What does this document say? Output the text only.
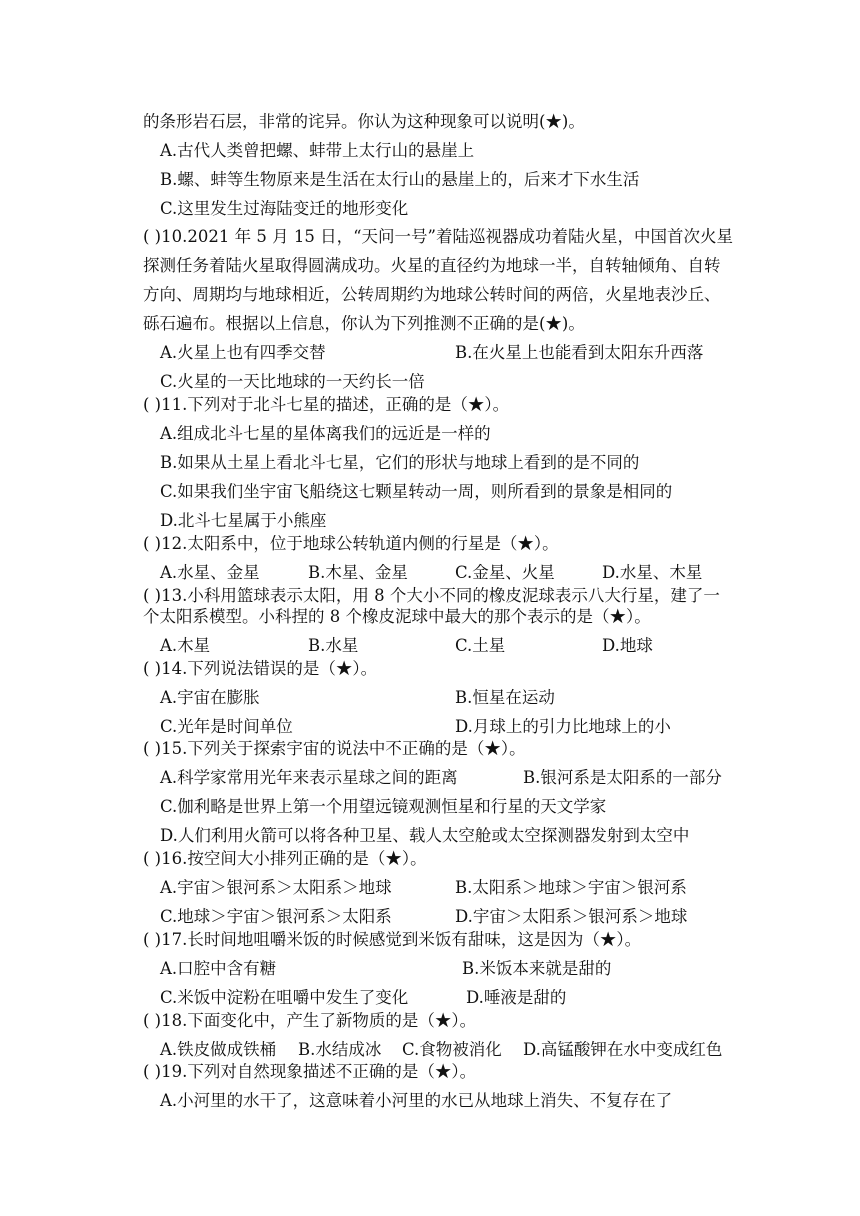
的条形岩石层，非常的诧异。你认为这种现象可以说明(★)。
A.古代人类曾把螺、蚌带上太行山的悬崖上
B.螺、蚌等生物原来是生活在太行山的悬崖上的，后来才下水生活
C.这里发生过海陆变迁的地形变化
( )10.2021 年 5 月 15 日，“天问一号”着陆巡视器成功着陆火星，中国首次火星
探测任务着陆火星取得圆满成功。火星的直径约为地球一半，自转轴倾角、自转
方向、周期均与地球相近，公转周期约为地球公转时间的两倍，火星地表沙丘、
砾石遍布。根据以上信息，你认为下列推测不正确的是(★)。
A.火星上也有四季交替	B.在火星上也能看到太阳东升西落
C.火星的一天比地球的一天约长一倍
( )11.下列对于北斗七星的描述，正确的是（★）。
A.组成北斗七星的星体离我们的远近是一样的
B.如果从土星上看北斗七星，它们的形状与地球上看到的是不同的
C.如果我们坐宇宙飞船绕这七颗星转动一周，则所看到的景象是相同的
D.北斗七星属于小熊座
( )12.太阳系中，位于地球公转轨道内侧的行星是（★）。
A.水星、金星	B.木星、金星	C.金星、火星	D.水星、木星
( )13.小科用篮球表示太阳，用 8 个大小不同的橡皮泥球表示八大行星，建了一
个太阳系模型。小科捏的 8 个橡皮泥球中最大的那个表示的是（★）。
A.木星	B.水星	C.土星	D.地球
( )14.下列说法错误的是（★）。
A.宇宙在膨胀	B.恒星在运动
C.光年是时间单位	D.月球上的引力比地球上的小
( )15.下列关于探索宇宙的说法中不正确的是（★）。
A.科学家常用光年来表示星球之间的距离	B.银河系是太阳系的一部分
C.伽利略是世界上第一个用望远镜观测恒星和行星的天文学家
D.人们利用火箭可以将各种卫星、载人太空舱或太空探测器发射到太空中
( )16.按空间大小排列正确的是（★）。
A.宇宙＞银河系＞太阳系＞地球	B.太阳系＞地球＞宇宙＞银河系
C.地球＞宇宙＞银河系＞太阳系	D.宇宙＞太阳系＞银河系＞地球
( )17.长时间地咀嚼米饭的时候感觉到米饭有甜味，这是因为（★）。
A.口腔中含有糖	B.米饭本来就是甜的
C.米饭中淀粉在咀嚼中发生了变化	D.唾液是甜的
( )18.下面变化中，产生了新物质的是（★）。
A.铁皮做成铁桶 B.水结成冰 C.食物被消化 D.高锰酸钾在水中变成红色
( )19.下列对自然现象描述不正确的是（★）。
A.小河里的水干了，这意味着小河里的水已从地球上消失、不复存在了
